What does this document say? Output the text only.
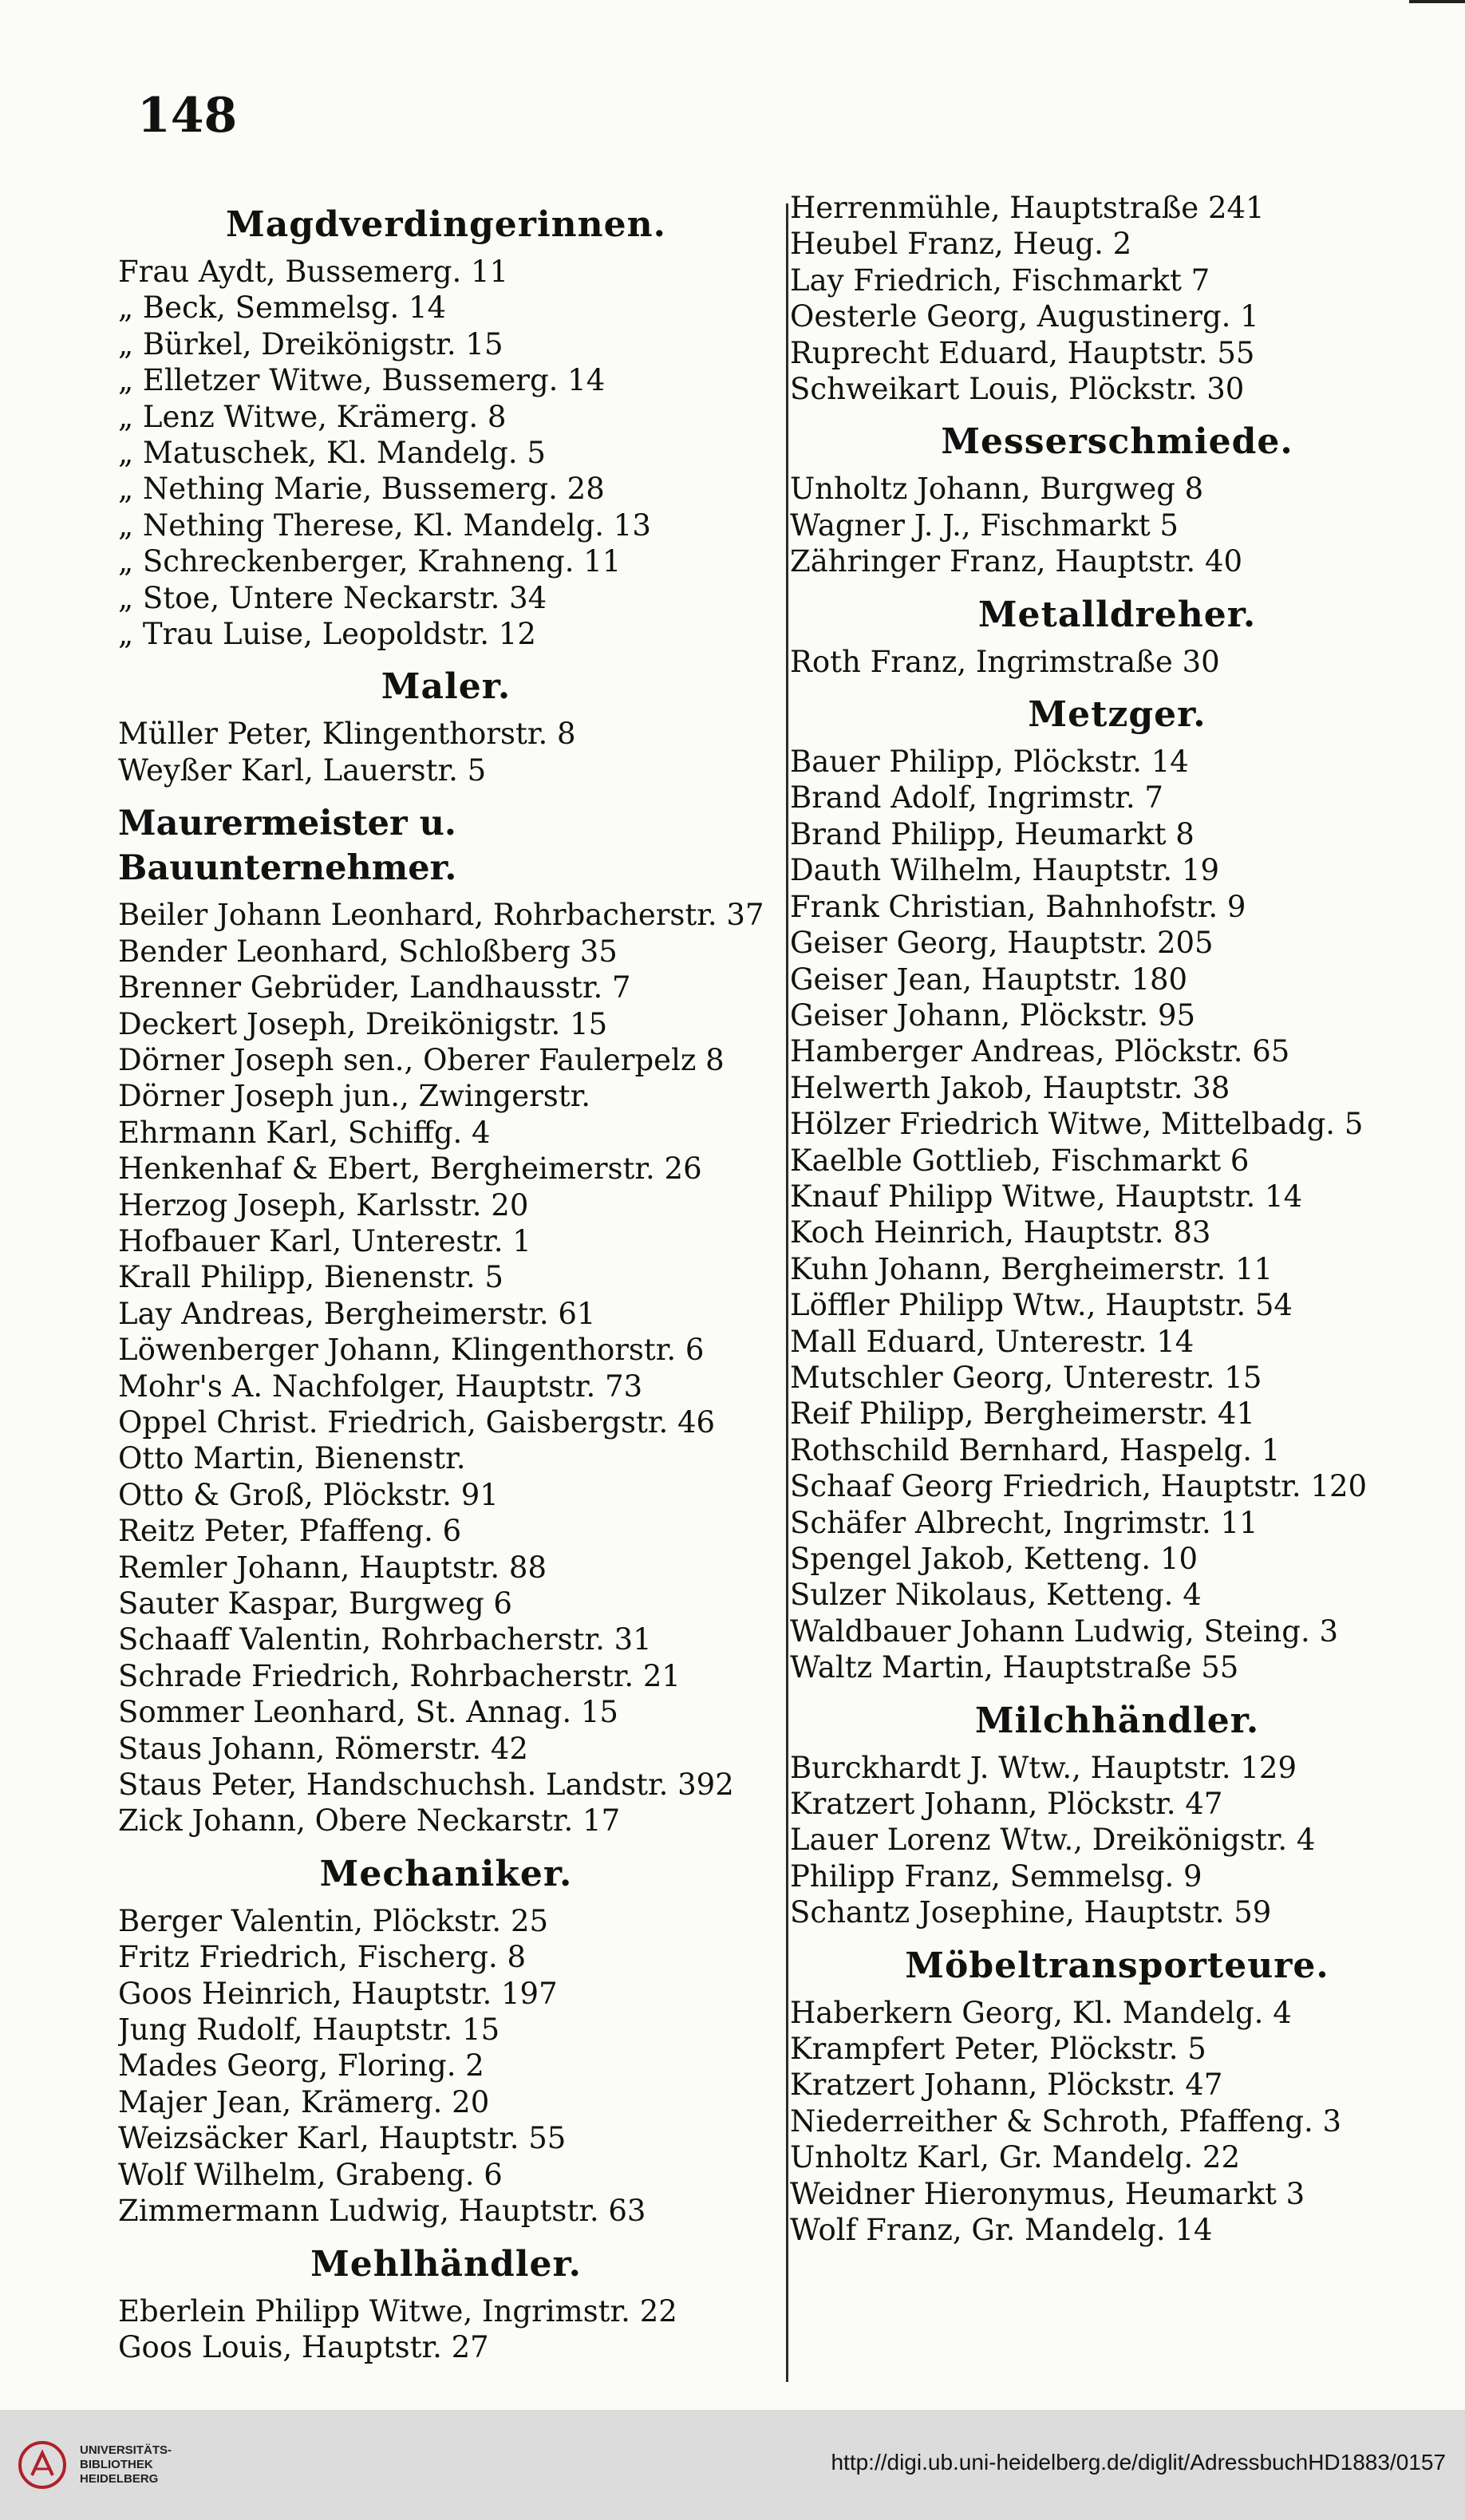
148
Magdverdingerinnen.
Frau Aydt, Bussemerg. 11
„ Beck, Semmelsg. 14
„ Bürkel, Dreikönigstr. 15
„ Elletzer Witwe, Bussemerg. 14
„ Lenz Witwe, Krämerg. 8
„ Matuschek, Kl. Mandelg. 5
„ Nething Marie, Bussemerg. 28
„ Nething Therese, Kl. Mandelg. 13
„ Schreckenberger, Krahneng. 11
„ Stoe, Untere Neckarstr. 34
„ Trau Luise, Leopoldstr. 12
Maler.
Müller Peter, Klingenthorstr. 8
Weyßer Karl, Lauerstr. 5
Maurermeister u. Bauunternehmer.
Beiler Johann Leonhard, Rohrbacherstr. 37
Bender Leonhard, Schloßberg 35
Brenner Gebrüder, Landhausstr. 7
Deckert Joseph, Dreikönigstr. 15
Dörner Joseph sen., Oberer Faulerpelz 8
Dörner Joseph jun., Zwingerstr.
Ehrmann Karl, Schiffg. 4
Henkenhaf & Ebert, Bergheimerstr. 26
Herzog Joseph, Karlsstr. 20
Hofbauer Karl, Unterestr. 1
Krall Philipp, Bienenstr. 5
Lay Andreas, Bergheimerstr. 61
Löwenberger Johann, Klingenthorstr. 6
Mohr's A. Nachfolger, Hauptstr. 73
Oppel Christ. Friedrich, Gaisbergstr. 46
Otto Martin, Bienenstr.
Otto & Groß, Plöckstr. 91
Reitz Peter, Pfaffeng. 6
Remler Johann, Hauptstr. 88
Sauter Kaspar, Burgweg 6
Schaaff Valentin, Rohrbacherstr. 31
Schrade Friedrich, Rohrbacherstr. 21
Sommer Leonhard, St. Annag. 15
Staus Johann, Römerstr. 42
Staus Peter, Handschuchsh. Landstr. 392
Zick Johann, Obere Neckarstr. 17
Mechaniker.
Berger Valentin, Plöckstr. 25
Fritz Friedrich, Fischerg. 8
Goos Heinrich, Hauptstr. 197
Jung Rudolf, Hauptstr. 15
Mades Georg, Floring. 2
Majer Jean, Krämerg. 20
Weizsäcker Karl, Hauptstr. 55
Wolf Wilhelm, Grabeng. 6
Zimmermann Ludwig, Hauptstr. 63
Mehlhändler.
Eberlein Philipp Witwe, Ingrimstr. 22
Goos Louis, Hauptstr. 27
Herrenmühle, Hauptstraße 241
Heubel Franz, Heug. 2
Lay Friedrich, Fischmarkt 7
Oesterle Georg, Augustinerg. 1
Ruprecht Eduard, Hauptstr. 55
Schweikart Louis, Plöckstr. 30
Messerschmiede.
Unholtz Johann, Burgweg 8
Wagner J. J., Fischmarkt 5
Zähringer Franz, Hauptstr. 40
Metalldreher.
Roth Franz, Ingrimstraße 30
Metzger.
Bauer Philipp, Plöckstr. 14
Brand Adolf, Ingrimstr. 7
Brand Philipp, Heumarkt 8
Dauth Wilhelm, Hauptstr. 19
Frank Christian, Bahnhofstr. 9
Geiser Georg, Hauptstr. 205
Geiser Jean, Hauptstr. 180
Geiser Johann, Plöckstr. 95
Hamberger Andreas, Plöckstr. 65
Helwerth Jakob, Hauptstr. 38
Hölzer Friedrich Witwe, Mittelbadg. 5
Kaelble Gottlieb, Fischmarkt 6
Knauf Philipp Witwe, Hauptstr. 14
Koch Heinrich, Hauptstr. 83
Kuhn Johann, Bergheimerstr. 11
Löffler Philipp Wtw., Hauptstr. 54
Mall Eduard, Unterestr. 14
Mutschler Georg, Unterestr. 15
Reif Philipp, Bergheimerstr. 41
Rothschild Bernhard, Haspelg. 1
Schaaf Georg Friedrich, Hauptstr. 120
Schäfer Albrecht, Ingrimstr. 11
Spengel Jakob, Ketteng. 10
Sulzer Nikolaus, Ketteng. 4
Waldbauer Johann Ludwig, Steing. 3
Waltz Martin, Hauptstraße 55
Milchhändler.
Burckhardt J. Wtw., Hauptstr. 129
Kratzert Johann, Plöckstr. 47
Lauer Lorenz Wtw., Dreikönigstr. 4
Philipp Franz, Semmelsg. 9
Schantz Josephine, Hauptstr. 59
Möbeltransporteure.
Haberkern Georg, Kl. Mandelg. 4
Krampfert Peter, Plöckstr. 5
Kratzert Johann, Plöckstr. 47
Niederreither & Schroth, Pfaffeng. 3
Unholtz Karl, Gr. Mandelg. 22
Weidner Hieronymus, Heumarkt 3
Wolf Franz, Gr. Mandelg. 14
UNIVERSITÄTS-
BIBLIOTHEK
HEIDELBERG
http://digi.ub.uni-heidelberg.de/diglit/AdressbuchHD1883/0157
